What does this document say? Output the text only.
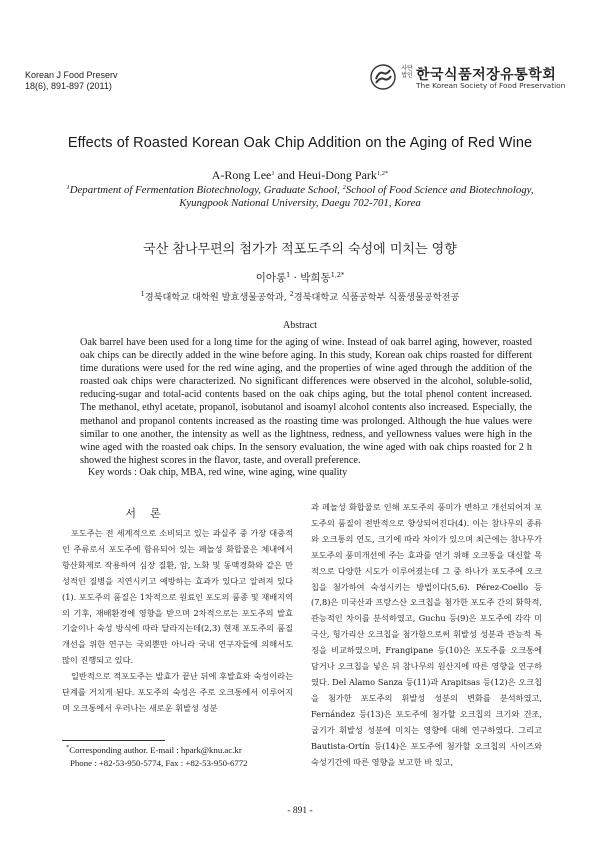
Korean J Food Preserv
18(6), 891-897 (2011)
사단
법인 한국식품저장유통학회
The Korean Society of Food Preservation
Effects of Roasted Korean Oak Chip Addition on the Aging of Red Wine
A-Rong Lee$^1$ and Heui-Dong Park$^{1,2*}$
$^1$Department of Fermentation Biotechnology, Graduate School, $^2$School of Food Science and Biotechnology,
Kyungpook National University, Daegu 702-701, Korea
국산 참나무편의 첨가가 적포도주의 숙성에 미치는 영향
이아롱$^1$ · 박희동$^{1,2*}$
$^1$경북대학교 대학원 발효생물공학과, $^2$경북대학교 식품공학부 식품생물공학전공
Abstract
Oak barrel have been used for a long time for the aging of wine. Instead of oak barrel aging, however, roasted oak chips can be directly added in the wine before aging. In this study, Korean oak chips roasted for different time durations were used for the red wine aging, and the properties of wine aged through the addition of the roasted oak chips were characterized. No significant differences were observed in the alcohol, soluble-solid, reducing-sugar and total-acid contents based on the oak chips aging, but the total phenol content increased. The methanol, ethyl acetate, propanol, isobutanol and isoamyl alcohol contents also increased. Especially, the methanol and propanol contents increased as the roasting time was prolonged. Although the hue values were similar to one another, the intensity as well as the lightness, redness, and yellowness values were high in the wine aged with the roasted oak chips. In the sensory evaluation, the wine aged with oak chips roasted for 2 h showed the highest scores in the flavor, taste, and overall preference.
Key words : Oak chip, MBA, red wine, wine aging, wine quality
서론

포도주는 전 세계적으로 소비되고 있는 과실주 중 가장 대중적인 주류로서 포도주에 함유되어 있는 페놀성 화합물은 체내에서 항산화제로 작용하여 심장 질환, 암, 노화 및 동맥경화와 같은 만성적인 질병을 지연시키고 예방하는 효과가 있다고 알려져 있다(1). 포도주의 품질은 1차적으로 원료인 포도의 품종 및 재배지역의 기후, 재배환경에 영향을 받으며 2차적으로는 포도주의 발효기술이나 숙성 방식에 따라 달라지는데(2,3) 현재 포도주의 품질 개선을 위한 연구는 국외뿐만 아니라 국내 연구자들에 의해서도 많이 진행되고 있다.

일반적으로 적포도주는 발효가 끝난 뒤에 후발효와 숙성이라는 단계를 거치게 된다. 포도주의 숙성은 주로 오크통에서 이루어지며 오크통에서 우러나는 새로운 휘발성 성분

과 페놀성 화합물로 인해 포도주의 풍미가 변하고 개선되어져 포도주의 품질이 전반적으로 향상되어진다(4). 이는 참나무의 종류와 오크통의 연도, 크기에 따라 차이가 있으며 최근에는 참나무가 포도주의 풍미개선에 주는 효과를 얻기 위해 오크통을 대신할 목적으로 다양한 시도가 이루어졌는데 그 중 하나가 포도주에 오크칩을 첨가하여 숙성시키는 방법이다(5,6). Pérez-Coello 등(7,8)은 미국산과 프랑스산 오크칩을 첨가한 포도주 간의 화학적, 관능적인 차이를 분석하였고, Guchu 등(9)은 포도주에 각각 미국산, 헝가리산 오크칩을 첨가함으로써 휘발성 성분과 관능적 특징을 비교하였으며, Frangipane 등(10)은 포도주를 오크통에 담거나 오크칩을 넣은 뒤 참나무의 원산지에 따른 영향을 연구하였다. Del Alamo Sanza 등(11)과 Arapitsas 등(12)은 오크칩을 첨가한 포도주의 휘발성 성분의 변화를 분석하였고, Fernández 등(13)은 포도주에 첨가할 오크칩의 크기와 건조, 굽기가 휘발성 성분에 미치는 영향에 대해 연구하였다. 그리고 Bautista-Ortín 등(14)은 포도주에 첨가할 오크칩의 사이즈와 숙성기간에 따른 영향을 보고한 바 있고,

*Corresponding author. E-mail : hpark@knu.ac.kr
Phone : +82-53-950-5774, Fax : +82-53-950-6772
- 891 -
